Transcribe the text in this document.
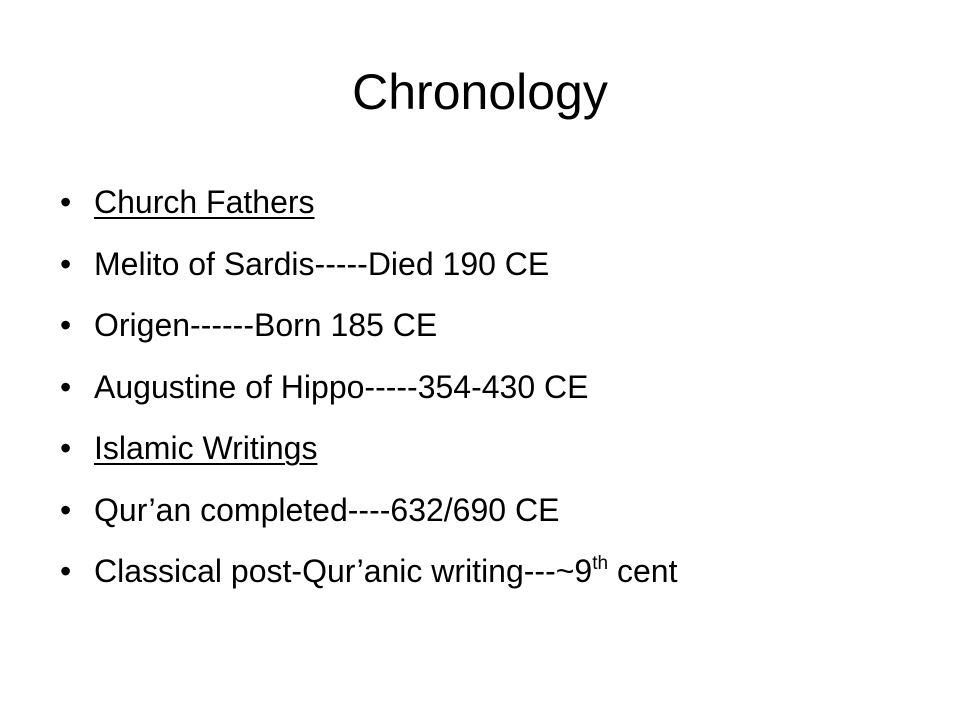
Chronology
• Church Fathers
• Melito of Sardis-----Died 190 CE
• Origen------Born 185 CE
• Augustine of Hippo-----354-430 CE
• Islamic Writings
• Qur’an completed----632/690 CE
• Classical post-Qur’anic writing---~9th cent
